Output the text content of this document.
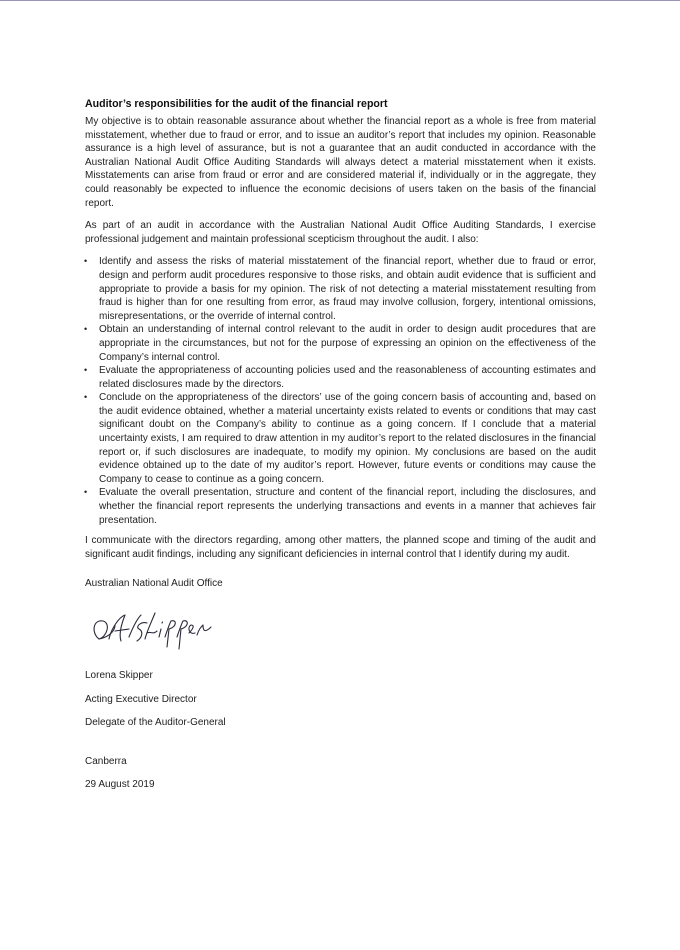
Auditor’s responsibilities for the audit of the financial report

My objective is to obtain reasonable assurance about whether the financial report as a whole is free from material misstatement, whether due to fraud or error, and to issue an auditor’s report that includes my opinion. Reasonable assurance is a high level of assurance, but is not a guarantee that an audit conducted in accordance with the Australian National Audit Office Auditing Standards will always detect a material misstatement when it exists. Misstatements can arise from fraud or error and are considered material if, individually or in the aggregate, they could reasonably be expected to influence the economic decisions of users taken on the basis of the financial report.

As part of an audit in accordance with the Australian National Audit Office Auditing Standards, I exercise professional judgement and maintain professional scepticism throughout the audit. I also:

• Identify and assess the risks of material misstatement of the financial report, whether due to fraud or error, design and perform audit procedures responsive to those risks, and obtain audit evidence that is sufficient and appropriate to provide a basis for my opinion. The risk of not detecting a material misstatement resulting from fraud is higher than for one resulting from error, as fraud may involve collusion, forgery, intentional omissions, misrepresentations, or the override of internal control.
• Obtain an understanding of internal control relevant to the audit in order to design audit procedures that are appropriate in the circumstances, but not for the purpose of expressing an opinion on the effectiveness of the Company’s internal control.
• Evaluate the appropriateness of accounting policies used and the reasonableness of accounting estimates and related disclosures made by the directors.
• Conclude on the appropriateness of the directors’ use of the going concern basis of accounting and, based on the audit evidence obtained, whether a material uncertainty exists related to events or conditions that may cast significant doubt on the Company’s ability to continue as a going concern. If I conclude that a material uncertainty exists, I am required to draw attention in my auditor’s report to the related disclosures in the financial report or, if such disclosures are inadequate, to modify my opinion. My conclusions are based on the audit evidence obtained up to the date of my auditor’s report. However, future events or conditions may cause the Company to cease to continue as a going concern.
• Evaluate the overall presentation, structure and content of the financial report, including the disclosures, and whether the financial report represents the underlying transactions and events in a manner that achieves fair presentation.

I communicate with the directors regarding, among other matters, the planned scope and timing of the audit and significant audit findings, including any significant deficiencies in internal control that I identify during my audit.

Australian National Audit Office

Lorena Skipper

Acting Executive Director

Delegate of the Auditor-General

Canberra

29 August 2019
